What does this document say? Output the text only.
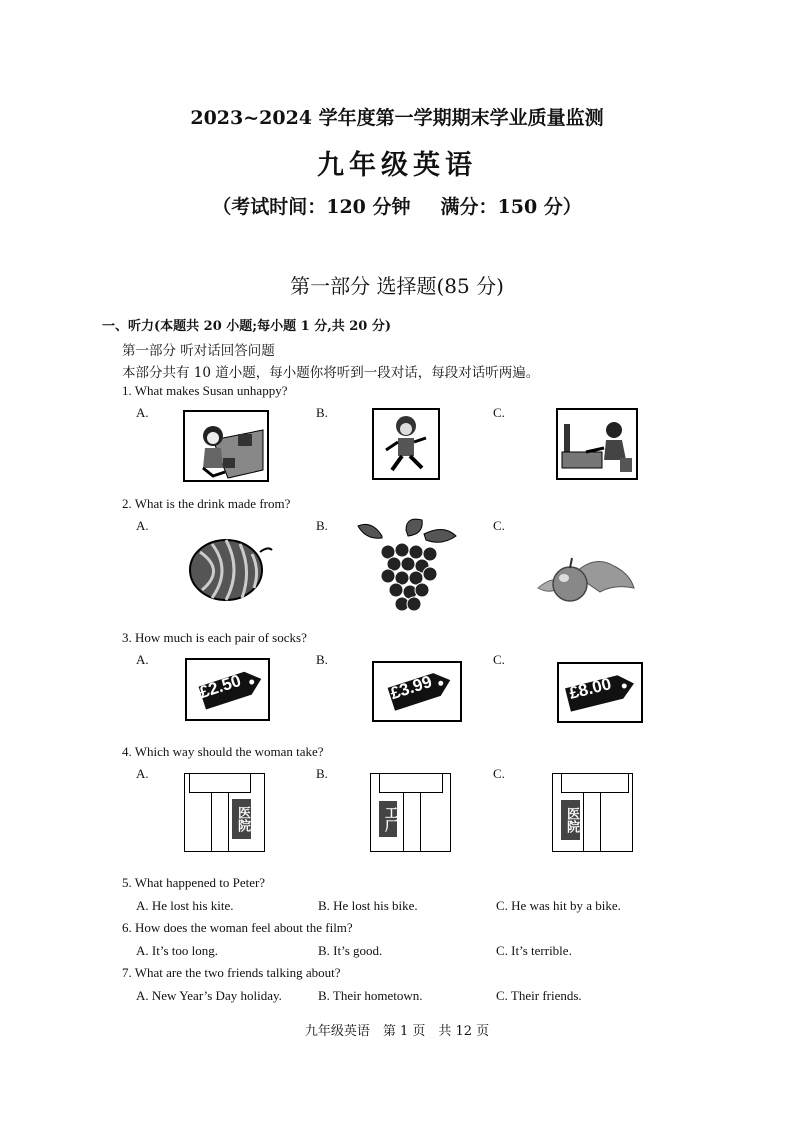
2023~2024 学年度第一学期期末学业质量监测
九年级英语
（考试时间：120 分钟 满分：150 分）
第一部分 选择题(85 分)
一、听力(本题共 20 小题;每小题 1 分,共 20 分)
第一部分 听对话回答问题
本部分共有 10 道小题，每小题你将听到一段对话，每段对话听两遍。
1. What makes Susan unhappy?
A.	B.	C.
2. What is the drink made from?
A.	B.	C.
3. How much is each pair of socks?
A.	B.	C.
£2.50	£3.99	£8.00
4. Which way should the woman take?
A.	B.	C.
医院	工厂	医院
5. What happened to Peter?
A. He lost his kite.	B. He lost his bike.	C. He was hit by a bike.
6. How does the woman feel about the film?
A. It’s too long.	B. It’s good.	C. It’s terrible.
7. What are the two friends talking about?
A. New Year’s Day holiday.	B. Their hometown.	C. Their friends.
九年级英语　第 1 页　共 12 页
